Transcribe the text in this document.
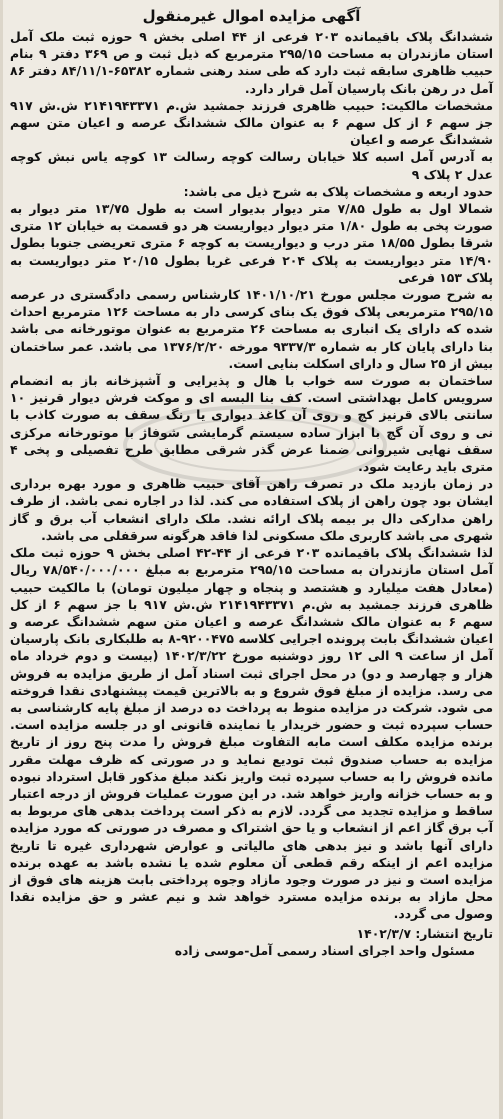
آگهی مزایده اموال غیرمنقول

ششدانگ پلاک باقیمانده ۲۰۳ فرعی از ۴۴ اصلی بخش ۹ حوزه ثبت ملک آمل استان مازندران به مساحت ۲۹۵/۱۵ مترمربع که ذیل ثبت و ص ۳۶۹ دفتر ۹ بنام حبیب ظاهری سابقه ثبت دارد که طی سند رهنی شماره ۶۵۳۸۲-۸۴/۱۱/۱ دفتر ۸۶ آمل در رهن بانک پارسیان آمل قرار دارد.

مشخصات مالکیت: حبیب ظاهری فرزند جمشید ش.م ۲۱۴۱۹۴۳۳۷۱ ش.ش ۹۱۷ جز سهم ۶ از کل سهم ۶ به عنوان مالک ششدانگ عرصه و اعیان متن سهم ششدانگ عرصه و اعیان

به آدرس آمل اسبه کلا خیابان رسالت کوچه رسالت ۱۳ کوچه یاس نبش کوچه عدل ۲ پلاک ۹

حدود اربعه و مشخصات پلاک به شرح ذیل می باشد:

شمالا اول به طول ۷/۸۵ متر دیوار بدیوار است به طول ۱۳/۷۵ متر دیوار به صورت پخی به طول ۱/۸۰ متر دیوار دیواریست هر دو قسمت به خیابان ۱۲ متری شرقا بطول ۱۸/۵۵ متر درب و دیواریست به کوچه ۶ متری تعریضی جنوبا بطول ۱۴/۹۰ متر دیواریست به پلاک ۲۰۴ فرعی غربا بطول ۲۰/۱۵ متر دیواریست به پلاک ۱۵۳ فرعی

به شرح صورت مجلس مورخ ۱۴۰۱/۱۰/۲۱ کارشناس رسمی دادگستری در عرصه ۲۹۵/۱۵ مترمربعی پلاک فوق یک بنای کرسی دار به مساحت ۱۲۶ مترمربع احداث شده که دارای یک انباری به مساحت ۲۶ مترمربع به عنوان موتورخانه می باشد بنا دارای پایان کار به شماره ۹۳۳۷/۳ مورخه ۱۳۷۶/۲/۲۰ می باشد. عمر ساختمان بیش از ۲۵ سال و دارای اسکلت بنایی است.

ساختمان به صورت سه خواب با هال و پذیرایی و آشپزخانه باز به انضمام سرویس کامل بهداشتی است. کف بنا البسه ای و موکت فرش دیوار قرنیز ۱۰ سانتی بالای قرنیز کچ و روی آن کاغذ دیواری یا رنگ سقف به صورت کاذب با نی و روی آن گچ با ابزار ساده سیستم گرمایشی شوفاژ با موتورخانه مرکزی سقف نهایی شیروانی ضمنا عرض گذر شرقی مطابق طرح تفصیلی و پخی ۴ متری باید رعایت شود.

در زمان بازدید ملک در تصرف راهن آقای حبیب ظاهری و مورد بهره برداری ایشان بود چون راهن از پلاک استفاده می کند. لذا در اجاره نمی باشد. از طرف راهن مدارکی دال بر بیمه پلاک ارائه نشد. ملک دارای انشعاب آب برق و گاز شهری می باشد کاربری ملک مسکونی لذا فاقد هرگونه سرقفلی می باشد.

لذا ششدانگ پلاک باقیمانده ۲۰۳ فرعی از ۴۴-۴۲ اصلی بخش ۹ حوزه ثبت ملک آمل استان مازندران به مساحت ۲۹۵/۱۵ مترمربع به مبلغ ۷۸/۵۴۰/۰۰۰/۰۰۰ ریال (معادل هفت میلیارد و هشتصد و پنجاه و چهار میلیون تومان) با مالکیت حبیب ظاهری فرزند جمشید به ش.م ۲۱۴۱۹۴۳۳۷۱ ش.ش ۹۱۷ با جز سهم ۶ از کل سهم ۶ به عنوان مالک ششدانگ عرصه و اعیان متن سهم ششدانگ عرصه و اعیان ششدانگ بابت پرونده اجرایی کلاسه ۹۲۰۰۴۷۵-۸ به طلبکاری بانک پارسیان آمل از ساعت ۹ الی ۱۲ روز دوشنبه مورخ ۱۴۰۲/۳/۲۲ (بیست و دوم خرداد ماه هزار و چهارصد و دو) در محل اجرای ثبت اسناد آمل از طریق مزایده به فروش می رسد. مزایده از مبلغ فوق شروع و به بالاترین قیمت پیشنهادی نقدا فروخته می شود. شرکت در مزایده منوط به پرداخت ده درصد از مبلغ پایه کارشناسی به حساب سپرده ثبت و حضور خریدار یا نماینده قانونی او در جلسه مزایده است. برنده مزایده مکلف است مابه التفاوت مبلغ فروش را مدت پنج روز از تاریخ مزایده به حساب صندوق ثبت تودیع نماید و در صورتی که ظرف مهلت مقرر مانده فروش را به حساب سپرده ثبت واریز نکند مبلغ مذکور قابل استرداد نبوده و به حساب خزانه واریز خواهد شد. در این صورت عملیات فروش از درجه اعتبار ساقط و مزایده تجدید می گردد. لازم به ذکر است پرداخت بدهی های مربوط به آب برق گاز اعم از انشعاب و یا حق اشتراک و مصرف در صورتی که مورد مزایده دارای آنها باشد و نیز بدهی های مالیاتی و عوارض شهرداری غیره تا تاریخ مزایده اعم از اینکه رقم قطعی آن معلوم شده یا نشده باشد به عهده برنده مزایده است و نیز در صورت وجود مازاد وجوه پرداختی بابت هزینه های فوق از محل مازاد به برنده مزایده مسترد خواهد شد و نیم عشر و حق مزایده نقدا وصول می گردد.

تاریخ انتشار: ۱۴۰۲/۳/۷
مسئول واحد اجرای اسناد رسمی آمل-موسی زاده
